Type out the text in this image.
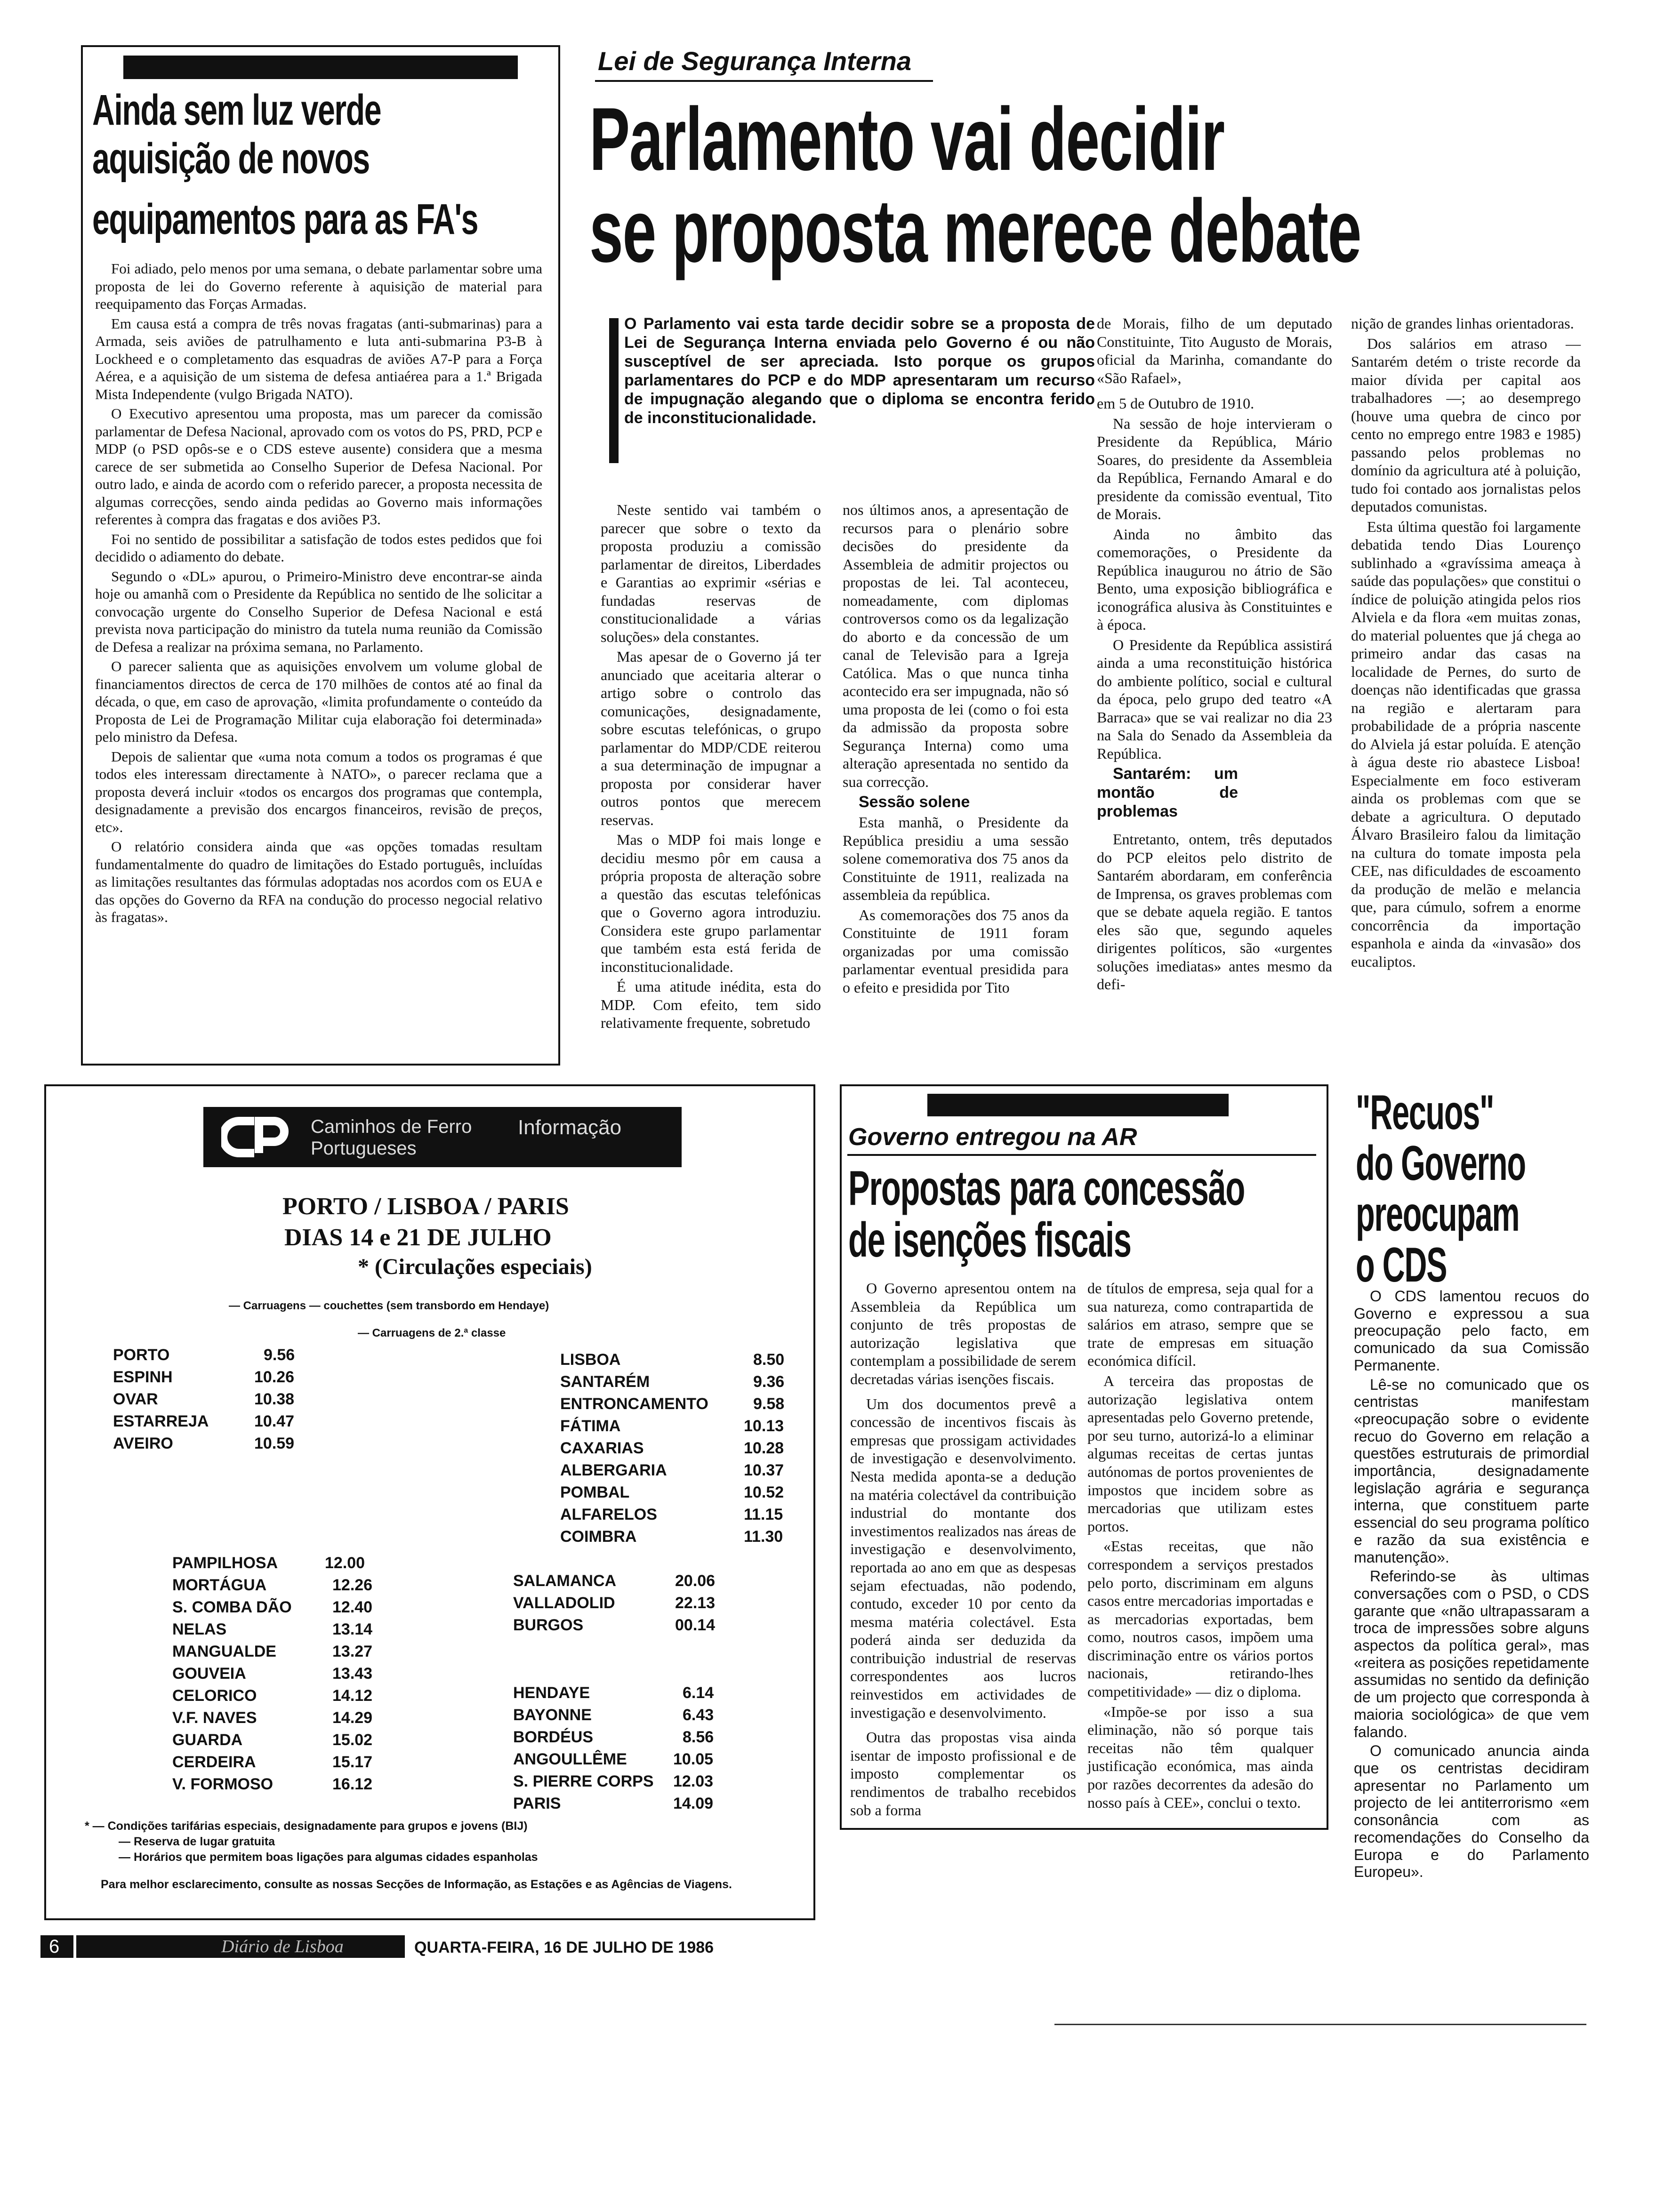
Ainda sem luz verde
aquisição de novos
equipamentos para as FA's

Foi adiado, pelo menos por uma semana, o debate parlamentar sobre uma proposta de lei do Governo referente à aquisição de material para reequipamento das Forças Armadas.

Em causa está a compra de três novas fragatas (anti-submarinas) para a Armada, seis aviões de patrulhamento e luta anti-submarina P3-B à Lockheed e o completamento das esquadras de aviões A7-P para a Força Aérea, e a aquisição de um sistema de defesa antiaérea para a 1.ª Brigada Mista Independente (vulgo Brigada NATO).

O Executivo apresentou uma proposta, mas um parecer da comissão parlamentar de Defesa Nacional, aprovado com os votos do PS, PRD, PCP e MDP (o PSD opôs-se e o CDS esteve ausente) considera que a mesma carece de ser submetida ao Conselho Superior de Defesa Nacional. Por outro lado, e ainda de acordo com o referido parecer, a proposta necessita de algumas correcções, sendo ainda pedidas ao Governo mais informações referentes à compra das fragatas e dos aviões P3.

Foi no sentido de possibilitar a satisfação de todos estes pedidos que foi decidido o adiamento do debate.

Segundo o «DL» apurou, o Primeiro-Ministro deve encontrar-se ainda hoje ou amanhã com o Presidente da República no sentido de lhe solicitar a convocação urgente do Conselho Superior de Defesa Nacional e está prevista nova participação do ministro da tutela numa reunião da Comissão de Defesa a realizar na próxima semana, no Parlamento.

O parecer salienta que as aquisições envolvem um volume global de financiamentos directos de cerca de 170 milhões de contos até ao final da década, o que, em caso de aprovação, «limita profundamente o conteúdo da Proposta de Lei de Programação Militar cuja elaboração foi determinada» pelo ministro da Defesa.

Depois de salientar que «uma nota comum a todos os programas é que todos eles interessam directamente à NATO», o parecer reclama que a proposta deverá incluir «todos os encargos dos programas que contempla, designadamente a previsão dos encargos financeiros, revisão de preços, etc».

O relatório considera ainda que «as opções tomadas resultam fundamentalmente do quadro de limitações do Estado português, incluídas as limitações resultantes das fórmulas adoptadas nos acordos com os EUA e das opções do Governo da RFA na condução do processo negocial relativo às fragatas».

Lei de Segurança Interna
Parlamento vai decidir
se proposta merece debate

O Parlamento vai esta tarde decidir sobre se a proposta de Lei de Segurança Interna enviada pelo Governo é ou não susceptível de ser apreciada. Isto porque os grupos parlamentares do PCP e do MDP apresentaram um recurso de impugnação alegando que o diploma se encontra ferido de inconstitucionalidade.

Neste sentido vai também o parecer que sobre o texto da proposta produziu a comissão parlamentar de direitos, Liberdades e Garantias ao exprimir «sérias e fundadas reservas de constitucionalidade a várias soluções» dela constantes.

Mas apesar de o Governo já ter anunciado que aceitaria alterar o artigo sobre o controlo das comunicações, designadamente, sobre escutas telefónicas, o grupo parlamentar do MDP/CDE reiterou a sua determinação de impugnar a proposta por considerar haver outros pontos que merecem reservas.

Mas o MDP foi mais longe e decidiu mesmo pôr em causa a própria proposta de alteração sobre a questão das escutas telefónicas que o Governo agora introduziu. Considera este grupo parlamentar que também esta está ferida de inconstitucionalidade.

É uma atitude inédita, esta do MDP. Com efeito, tem sido relativamente frequente, sobretudo

nos últimos anos, a apresentação de recursos para o plenário sobre decisões do presidente da Assembleia de admitir projectos ou propostas de lei. Tal aconteceu, nomeadamente, com diplomas controversos como os da legalização do aborto e da concessão de um canal de Televisão para a Igreja Católica. Mas o que nunca tinha acontecido era ser impugnada, não só uma proposta de lei (como o foi esta da admissão da proposta sobre Segurança Interna) como uma alteração apresentada no sentido da sua correcção.

Sessão solene

Esta manhã, o Presidente da República presidiu a uma sessão solene comemorativa dos 75 anos da Constituinte de 1911, realizada na assembleia da república.

As comemorações dos 75 anos da Constituinte de 1911 foram organizadas por uma comissão parlamentar eventual presidida para o efeito e presidida por Tito

de Morais, filho de um deputado Constituinte, Tito Augusto de Morais, oficial da Marinha, comandante do «São Rafael»,

em 5 de Outubro de 1910.

Na sessão de hoje intervieram o Presidente da República, Mário Soares, do presidente da Assembleia da República, Fernando Amaral e do presidente da comissão eventual, Tito de Morais.

Ainda no âmbito das comemorações, o Presidente da República inaugurou no átrio de São Bento, uma exposição bibliográfica e iconográfica alusiva às Constituintes e à época.

O Presidente da República assistirá ainda a uma reconstituição histórica do ambiente político, social e cultural da época, pelo grupo ded teatro «A Barraca» que se vai realizar no dia 23 na Sala do Senado da Assembleia da República.

Santarém: um montão de problemas

Entretanto, ontem, três deputados do PCP eleitos pelo distrito de Santarém abordaram, em conferência de Imprensa, os graves problemas com que se debate aquela região. E tantos eles são que, segundo aqueles dirigentes políticos, são «urgentes soluções imediatas» antes mesmo da defi-

nição de grandes linhas orientadoras.

Dos salários em atraso — Santarém detém o triste recorde da maior dívida per capital aos trabalhadores —; ao desemprego (houve uma quebra de cinco por cento no emprego entre 1983 e 1985) passando pelos problemas no domínio da agricultura até à poluição, tudo foi contado aos jornalistas pelos deputados comunistas.

Esta última questão foi largamente debatida tendo Dias Lourenço sublinhado a «gravíssima ameaça à saúde das populações» que constitui o índice de poluição atingida pelos rios Alviela e da flora «em muitas zonas, do material poluentes que já chega ao primeiro andar das casas na localidade de Pernes, do surto de doenças não identificadas que grassa na região e alertaram para probabilidade de a própria nascente do Alviela já estar poluída. E atenção à água deste rio abastece Lisboa! Especialmente em foco estiveram ainda os problemas com que se debate a agricultura. O deputado Álvaro Brasileiro falou da limitação na cultura do tomate imposta pela CEE, nas dificuldades de escoamento da produção de melão e melancia que, para cúmulo, sofrem a enorme concorrência da importação espanhola e ainda da «invasão» dos eucaliptos.

Caminhos de Ferro
Portugueses
Informação
PORTO / LISBOA / PARIS
DIAS 14 e 21 DE JULHO
* (Circulações especiais)
— Carruagens — couchettes (sem transbordo em Hendaye)
— Carruagens de 2.ª classe
PORTO	9.56
ESPINH	10.26
OVAR	10.38
ESTARREJA	10.47
AVEIRO	10.59
LISBOA	8.50
SANTARÉM	9.36
ENTRONCAMENTO	9.58
FÁTIMA	10.13
CAXARIAS	10.28
ALBERGARIA	10.37
POMBAL	10.52
ALFARELOS	11.15
COIMBRA	11.30
PAMPILHOSA	12.00
MORTÁGUA	12.26
S. COMBA DÃO	12.40
NELAS	13.14
MANGUALDE	13.27
GOUVEIA	13.43
CELORICO	14.12
V.F. NAVES	14.29
GUARDA	15.02
CERDEIRA	15.17
V. FORMOSO	16.12
SALAMANCA	20.06
VALLADOLID	22.13
BURGOS	00.14
HENDAYE	6.14
BAYONNE	6.43
BORDÉUS	8.56
ANGOULLÊME	10.05
S. PIERRE CORPS 12.03
PARIS	14.09
* — Condições tarifárias especiais, designadamente para grupos e jovens (BIJ)
— Reserva de lugar gratuita
— Horários que permitem boas ligações para algumas cidades espanholas
Para melhor esclarecimento, consulte as nossas Secções de Informação, as Estações e as Agências de Viagens.
Governo entregou na AR
Propostas para concessão
de isenções fiscais

O Governo apresentou ontem na Assembleia da República um conjunto de três propostas de autorização legislativa que contemplam a possibilidade de serem decretadas várias isenções fiscais.

Um dos documentos prevê a concessão de incentivos fiscais às empresas que prossigam actividades de investigação e desenvolvimento. Nesta medida aponta-se a dedução na matéria colectável da contribuição industrial do montante dos investimentos realizados nas áreas de investigação e desenvolvimento, reportada ao ano em que as despesas sejam efectuadas, não podendo, contudo, exceder 10 por cento da mesma matéria colectável. Esta poderá ainda ser deduzida da contribuição industrial de reservas correspondentes aos lucros reinvestidos em actividades de investigação e desenvolvimento.

Outra das propostas visa ainda isentar de imposto profissional e de imposto complementar os rendimentos de trabalho recebidos sob a forma

de títulos de empresa, seja qual for a sua natureza, como contrapartida de salários em atraso, sempre que se trate de empresas em situação económica difícil.

A terceira das propostas de autorização legislativa ontem apresentadas pelo Governo pretende, por seu turno, autorizá-lo a eliminar algumas receitas de certas juntas autónomas de portos provenientes de impostos que incidem sobre as mercadorias que utilizam estes portos.

«Estas receitas, que não correspondem a serviços prestados pelo porto, discriminam em alguns casos entre mercadorias importadas e as mercadorias exportadas, bem como, noutros casos, impõem uma discriminação entre os vários portos nacionais, retirando-lhes competitividade» — diz o diploma.

«Impõe-se por isso a sua eliminação, não só porque tais receitas não têm qualquer justificação económica, mas ainda por razões decorrentes da adesão do nosso país à CEE», conclui o texto.

"Recuos"
do Governo
preocupam
o CDS

O CDS lamentou recuos do Governo e expressou a sua preocupação pelo facto, em comunicado da sua Comissão Permanente.

Lê-se no comunicado que os centristas manifestam «preocupação sobre o evidente recuo do Governo em relação a questões estruturais de primordial importância, designadamente legislação agrária e segurança interna, que constituem parte essencial do seu programa político e razão da sua existência e manutenção».

Referindo-se às ultimas conversações com o PSD, o CDS garante que «não ultrapassaram a troca de impressões sobre alguns aspectos da política geral», mas «reitera as posições repetidamente assumidas no sentido da definição de um projecto que corresponda à maioria sociológica» de que vem falando.

O comunicado anuncia ainda que os centristas decidiram apresentar no Parlamento um projecto de lei antiterrorismo «em consonância com as recomendações do Conselho da Europa e do Parlamento Europeu».

6	Diário de Lisboa	QUARTA-FEIRA, 16 DE JULHO DE 1986
